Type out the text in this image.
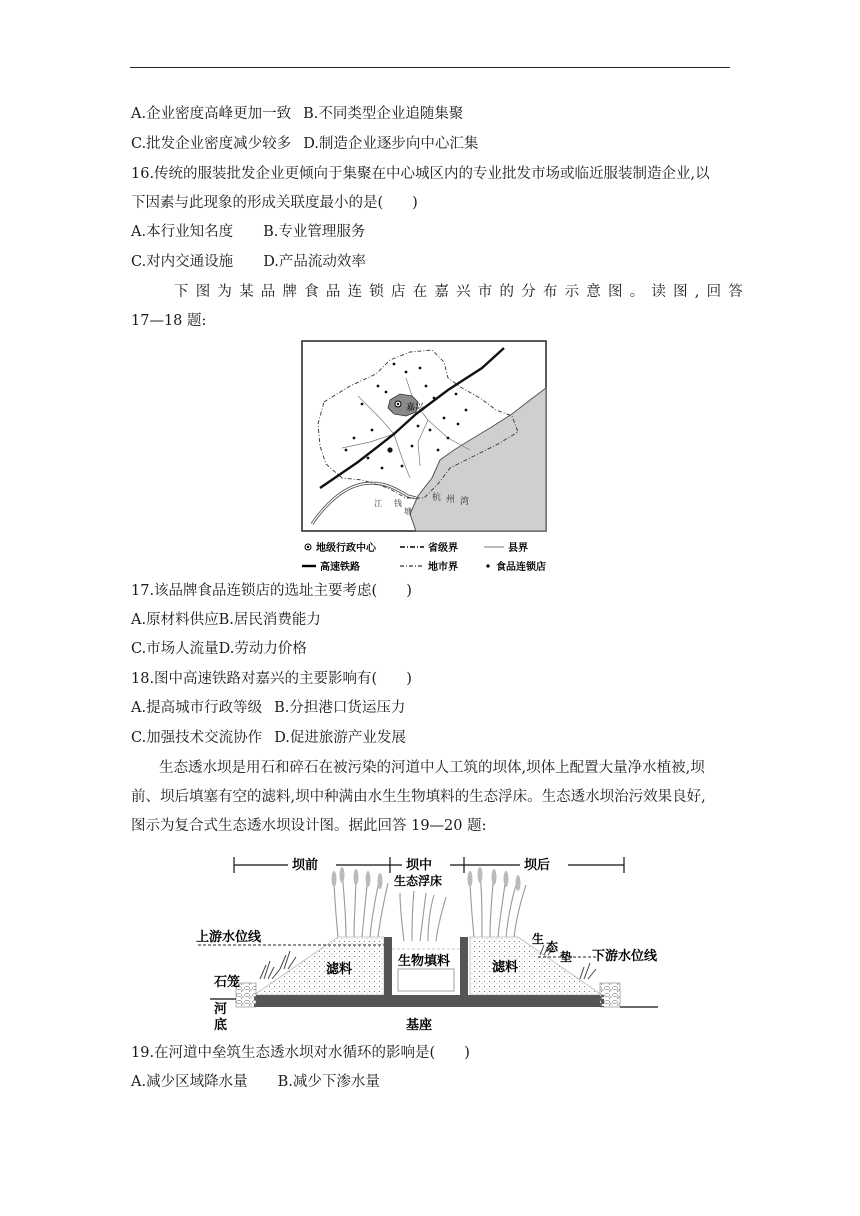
A.企业密度高峰更加一致 B.不同类型企业追随集聚
C.批发企业密度减少较多 D.制造企业逐步向中心汇集
16.传统的服装批发企业更倾向于集聚在中心城区内的专业批发市场或临近服装制造企业,以
下因素与此现象的形成关联度最小的是(　　)
A.本行业知名度 B.专业管理服务
C.对内交通设施 D.产品流动效率
下图为某品牌食品连锁店在嘉兴市的分布示意图。读图,回答
17—18 题:
嘉兴
杭 州 湾
江 钱
塘
地级行政中心	省级界	县界
高速铁路	地市界	食品连锁店
17.该品牌食品连锁店的选址主要考虑(　　)
A.原材料供应B.居民消费能力
C.市场人流量D.劳动力价格
18.图中高速铁路对嘉兴的主要影响有(　　)
A.提高城市行政等级 B.分担港口货运压力
C.加强技术交流协作 D.促进旅游产业发展
生态透水坝是用石和碎石在被污染的河道中人工筑的坝体,坝体上配置大量净水植被,坝
前、坝后填塞有空的滤料,坝中种满由水生生物填料的生态浮床。生态透水坝治污效果良好,
图示为复合式生态透水坝设计图。据此回答 19—20 题:
坝前	坝中	坝后
生态浮床
上游水位线
下游水位线
生
态
垫
滤料
生物填料	滤料
石笼
河
底	基座
19.在河道中垒筑生态透水坝对水循环的影响是(　　)
A.减少区域降水量 B.减少下渗水量
